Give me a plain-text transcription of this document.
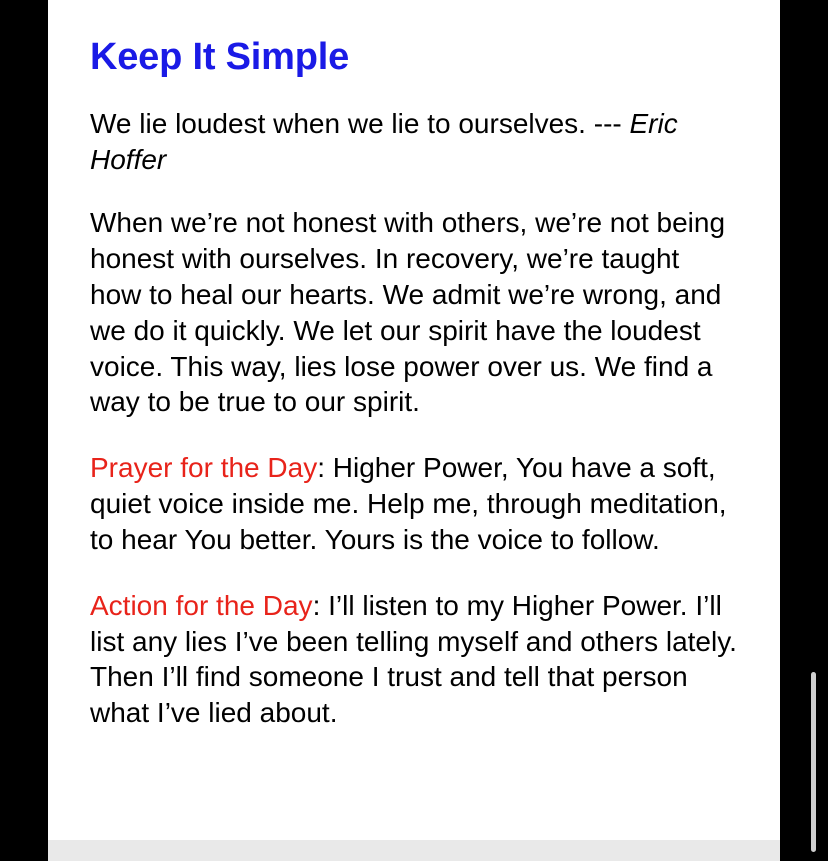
Keep It Simple

We lie loudest when we lie to ourselves. --- Eric Hoffer

When we’re not honest with others, we’re not being honest with ourselves. In recovery, we’re taught how to heal our hearts. We admit we’re wrong, and we do it quickly. We let our spirit have the loudest voice. This way, lies lose power over us. We find a way to be true to our spirit.

Prayer for the Day: Higher Power, You have a soft, quiet voice inside me. Help me, through meditation, to hear You better. Yours is the voice to follow.

Action for the Day: I’ll listen to my Higher Power. I’ll list any lies I’ve been telling myself and others lately. Then I’ll find someone I trust and tell that person what I’ve lied about.
